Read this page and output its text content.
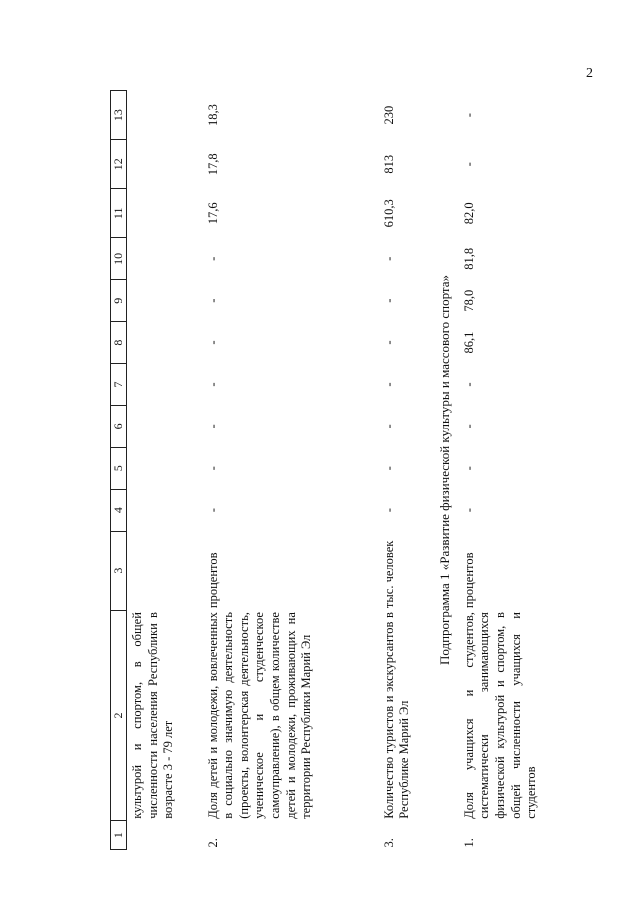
2
1	2	3	4	5	6	7	8	9	10	11	12	13
	культурой и спортом, в общей численности населения Республики в возрасте 3 - 79 лет											
2.	Доля детей и молодежи, вовлеченных в социально значимую деятельность (проекты, волонтерская деятельность, ученическое и студенческое самоуправление), в общем количестве детей и молодежи, проживающих на территории Республики Марий Эл	процентов	-	-	-	-	-	-	-	17,6	17,8	18,3
3.	Количество туристов и экскурсантов в Республике Марий Эл	тыс. человек	-	-	-	-	-	-	-	610,3	813	230
Подпрограмма 1 «Развитие физической культуры и массового спорта»												
1.	Доля учащихся и студентов, систематически занимающихся физической культурой и спортом, в общей численности учащихся и студентов	процентов	-	-	-	-	86,1	78,0	81,8	82,0	-	-
